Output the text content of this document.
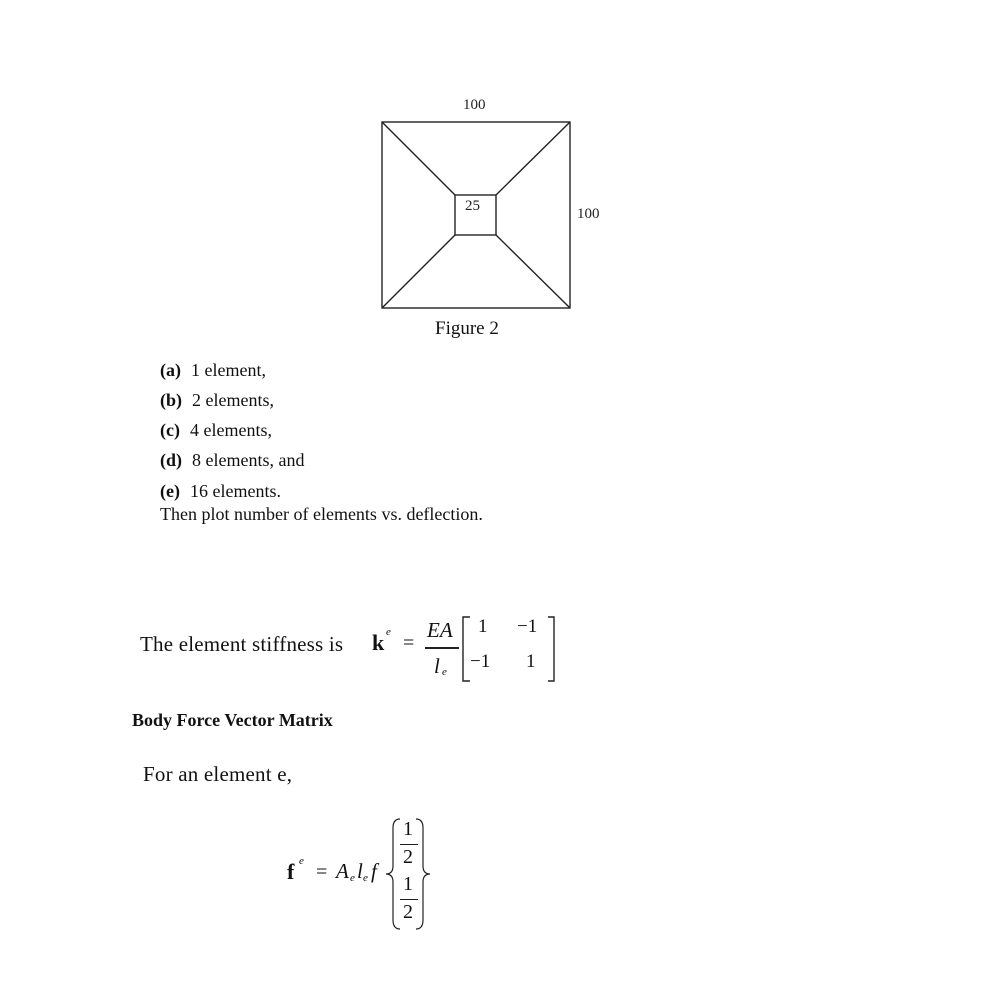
100
100
25
Figure 2
(a) 1 element,
(b) 2 elements,
(c) 4 elements,
(d) 8 elements, and
(e) 16 elements.
Then plot number of elements vs. deflection.
The element stiffness is k e =
EA
l e
1 −1
−1 1
Body Force Vector Matrix
For an element e,
f e = A e l e f
1
2
1
2
